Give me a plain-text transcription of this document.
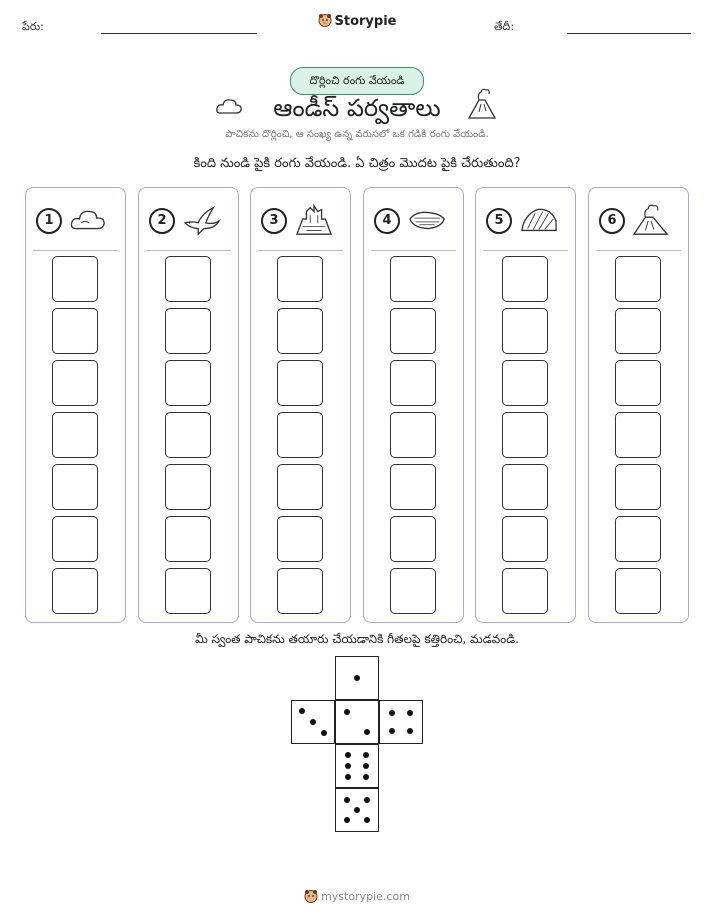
పేరు:	Storypie	తేదీ:
దొర్లించి రంగు వేయండి
ఆండీస్ పర్వతాలు
పాచికను దొర్లించి, ఆ సంఖ్య ఉన్న వరుసలో ఒక గడికి రంగు వేయండి.
కింది నుండి పైకి రంగు వేయండి. ఏ చిత్రం మొదట పైకి చేరుతుంది?
1	2	3	4	5	6
మీ స్వంత పాచికను తయారు చేయడానికి గీతలపై కత్తిరించి, మడవండి.
mystorypie.com
